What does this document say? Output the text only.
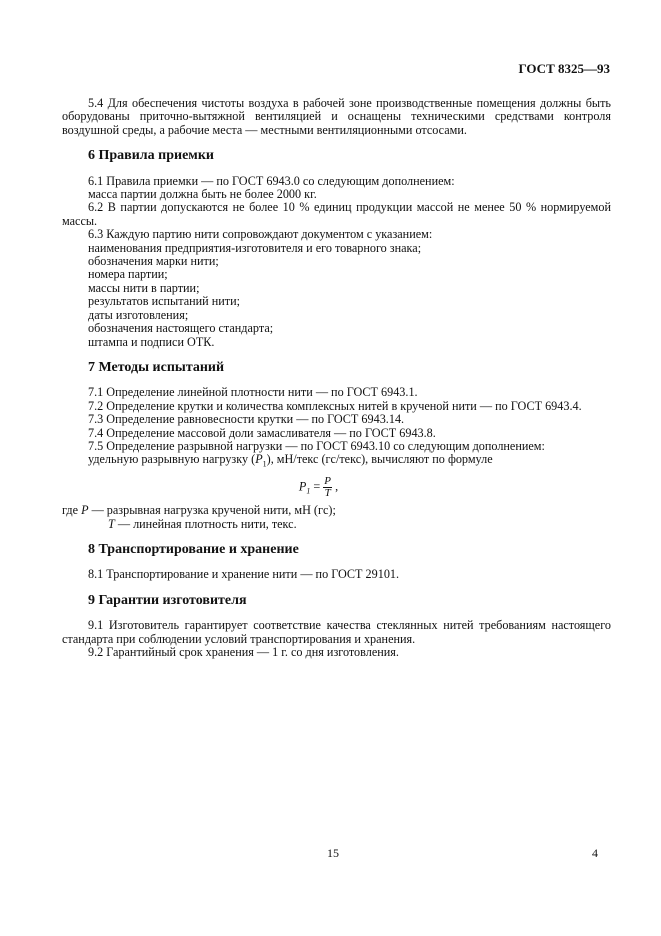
ГОСТ 8325—93

5.4 Для обеспечения чистоты воздуха в рабочей зоне производственные помещения должны быть оборудованы приточно-вытяжной вентиляцией и оснащены техническими средствами контроля воздушной среды, а рабочие места — местными вентиляционными отсосами.

6 Правила приемки

6.1 Правила приемки — по ГОСТ 6943.0 со следующим дополнением:

масса партии должна быть не более 2000 кг.

6.2 В партии допускаются не более 10 % единиц продукции массой не менее 50 % нормируемой массы.

6.3 Каждую партию нити сопровождают документом с указанием:

наименования предприятия-изготовителя и его товарного знака;

обозначения марки нити;

номера партии;

массы нити в партии;

результатов испытаний нити;

даты изготовления;

обозначения настоящего стандарта;

штампа и подписи ОТК.

7 Методы испытаний

7.1 Определение линейной плотности нити — по ГОСТ 6943.1.

7.2 Определение крутки и количества комплексных нитей в крученой нити — по ГОСТ 6943.4.

7.3 Определение равновесности крутки — по ГОСТ 6943.14.

7.4 Определение массовой доли замасливателя — по ГОСТ 6943.8.

7.5 Определение разрывной нагрузки — по ГОСТ 6943.10 со следующим дополнением:

удельную разрывную нагрузку $(P_1)$, мН/текс (гс/текс), вычисляют по формуле

$P_1 = \frac{P}{T}$ ,

где P — разрывная нагрузка крученой нити, мН (гс);

T — линейная плотность нити, текс.

8 Транспортирование и хранение

8.1 Транспортирование и хранение нити — по ГОСТ 29101.

9 Гарантии изготовителя

9.1 Изготовитель гарантирует соответствие качества стеклянных нитей требованиям настоящего стандарта при соблюдении условий транспортирования и хранения.

9.2 Гарантийный срок хранения — 1 г. со дня изготовления.

15	4
